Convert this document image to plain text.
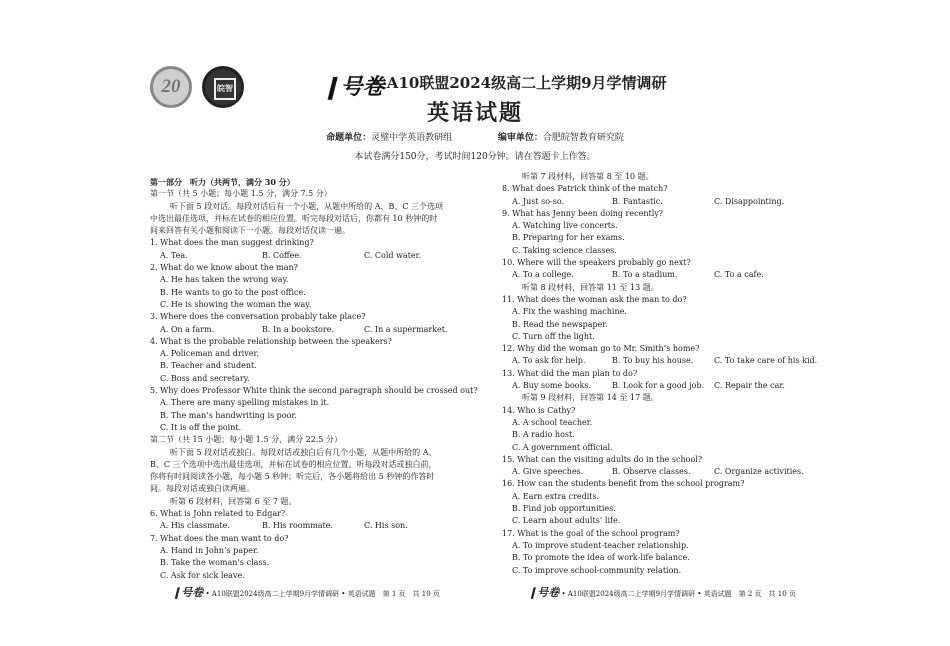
20	皖智	❙号卷
• A10联盟2024级高二上学期9月学情调研
英语试题
命题单位：灵璧中学英语教研组	编审单位：合肥皖智教育研究院
本试卷满分150分，考试时间120分钟。请在答题卡上作答。
第一部分　听力（共两节，满分 30 分）
第一节（共 5 小题；每小题 1.5 分，满分 7.5 分）
听下面 5 段对话。每段对话后有一个小题，从题中所给的 A、B、C 三个选项
中选出最佳选项，并标在试卷的相应位置。听完每段对话后，你都有 10 秒钟的时
间来回答有关小题和阅读下一小题。每段对话仅读一遍。
1. What does the man suggest drinking?
A. Tea.	B. Coffee.	C. Cold water.
2. What do we know about the man?
A. He has taken the wrong way.
B. He wants to go to the post office.
C. He is showing the woman the way.
3. Where does the conversation probably take place?
A. On a farm.	B. In a bookstore.	C. In a supermarket.
4. What is the probable relationship between the speakers?
A. Policeman and driver.
B. Teacher and student.
C. Boss and secretary.
5. Why does Professor White think the second paragraph should be crossed out?
A. There are many spelling mistakes in it.
B. The man’s handwriting is poor.
C. It is off the point.
第二节（共 15 小题；每小题 1.5 分，满分 22.5 分）
听下面 5 段对话或独白。每段对话或独白后有几个小题，从题中所给的 A、
B、C 三个选项中选出最佳选项，并标在试卷的相应位置。听每段对话或独白前，
你将有时间阅读各小题，每小题 5 秒钟；听完后，各小题将给出 5 秒钟的作答时
间。每段对话或独白读两遍。
听第 6 段材料，回答第 6 至 7 题。
6. What is John related to Edgar?
A. His classmate.	B. His roommate.	C. His son.
7. What does the man want to do?
A. Hand in John’s paper.
B. Take the woman’s class.
C. Ask for sick leave.
听第 7 段材料，回答第 8 至 10 题。
8. What does Patrick think of the match?
A. Just so-so.	B. Fantastic.	C. Disappointing.
9. What has Jenny been doing recently?
A. Watching live concerts.
B. Preparing for her exams.
C. Taking science classes.
10. Where will the speakers probably go next?
A. To a college.	B. To a stadium.	C. To a cafe.
听第 8 段材料，回答第 11 至 13 题。
11. What does the woman ask the man to do?
A. Fix the washing machine.
B. Read the newspaper.
C. Turn off the light.
12. Why did the woman go to Mr. Smith’s home?
A. To ask for help.	B. To buy his house.	C. To take care of his kid.
13. What did the man plan to do?
A. Buy some books.	B. Look for a good job.	C. Repair the car.
听第 9 段材料，回答第 14 至 17 题。
14. Who is Cathy?
A. A school teacher.
B. A radio host.
C. A government official.
15. What can the visiting adults do in the school?
A. Give speeches.	B. Observe classes.	C. Organize activities.
16. How can the students benefit from the school program?
A. Earn extra credits.
B. Find job opportunities.
C. Learn about adults’ life.
17. What is the goal of the school program?
A. To improve student-teacher relationship.
B. To promote the idea of work-life balance.
C. To improve school-community relation.
❙号卷 • A10联盟2024级高二上学期9月学情调研 • 英语试题　第 1 页　共 10 页	❙号卷 • A10联盟2024级高二上学期9月学情调研 • 英语试题　第 2 页　共 10 页
